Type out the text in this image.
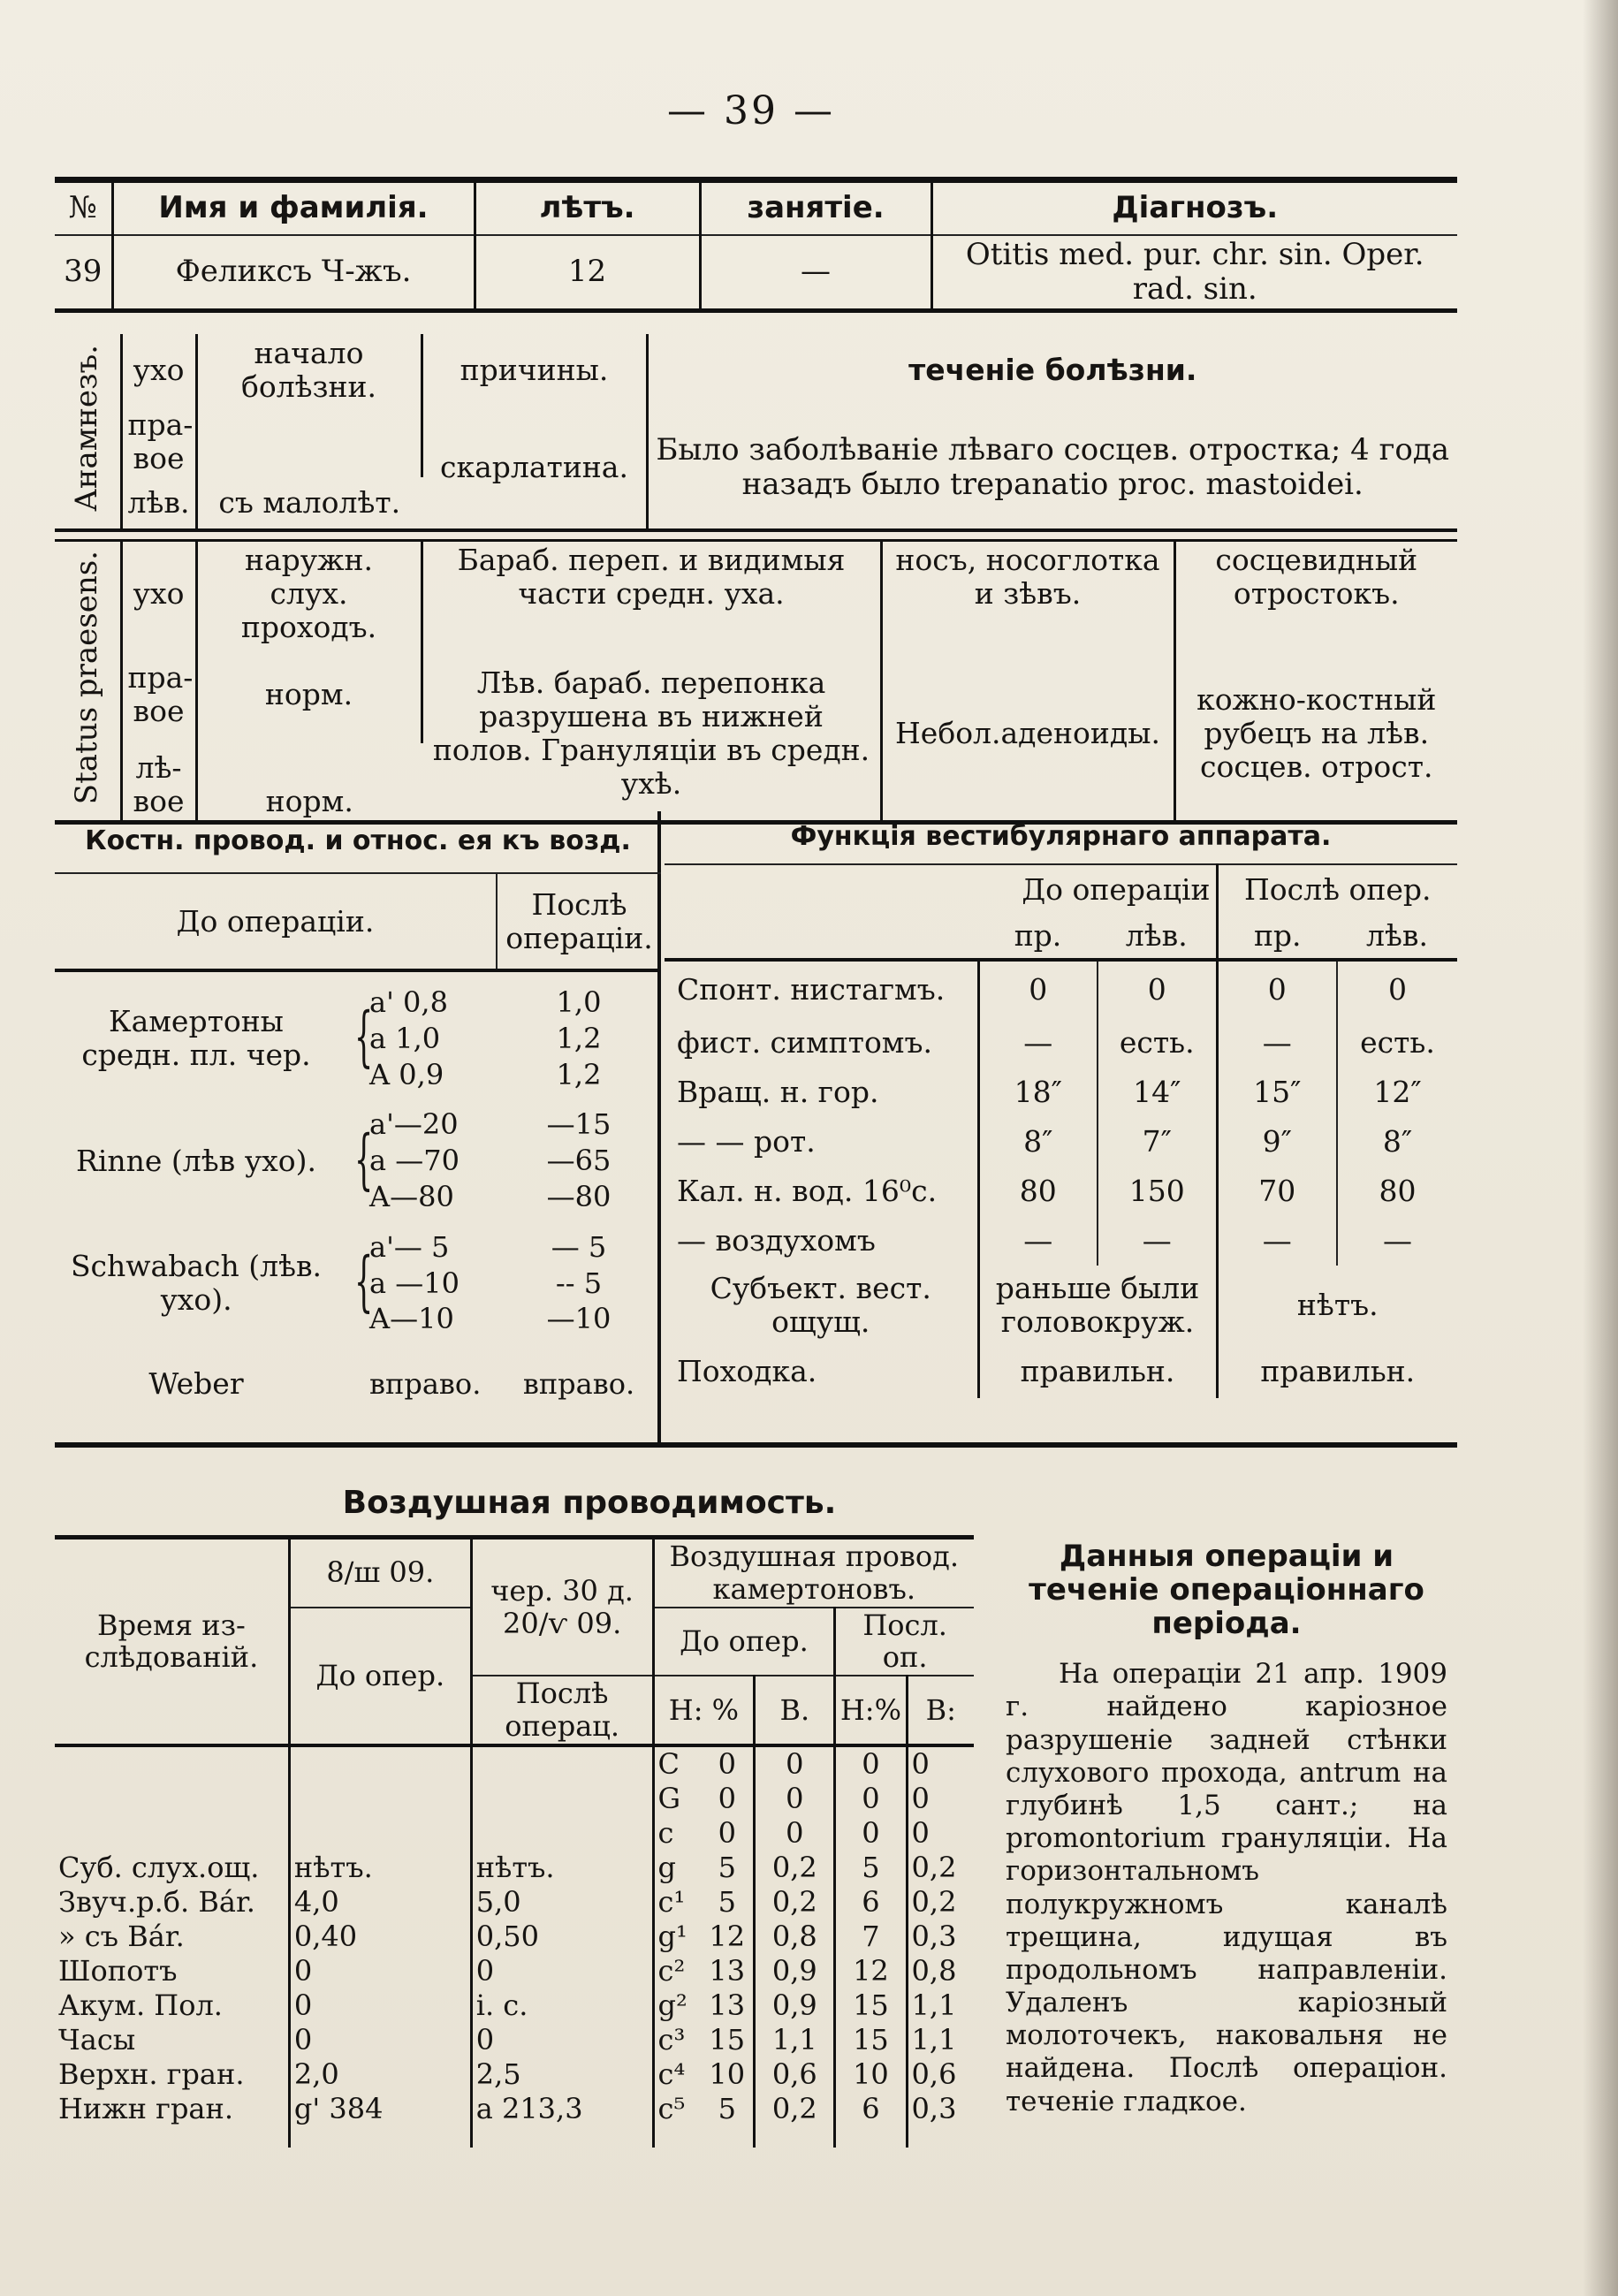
— 39 —
№	Имя и фамилія.	лѣтъ.	занятіе.	Діагнозъ.
39	Феликсъ Ч-жъ.	12	—	Otitis med. pur. chr. sin. Oper. rad. sin.
Анамнезъ.	ухо	начало болѣзни.	причины.	теченіе болѣзни.
	пра-вое		скарлатина.	Было заболѣваніе лѣваго сосцев. отростка; 4 года назадъ было trepanatio proc. mastoidei.
	лѣв.	съ малолѣт.		
Status praesens.	ухо	наружн. слух. проходъ.	Бараб. переп. и видимыя части средн. уха.	носъ, носоглотка и зѣвъ.	сосцевидный отростокъ.
	пра-вое	норм.	Лѣв. бараб. перепонка разрушена въ нижней полов. Грануляціи въ средн. ухѣ.	Небол.аденоиды.	кожно-костный рубецъ на лѣв. сосцев. отрост.
	лѣ-вое	норм.			
Костн. провод. и относ. ея къ возд.
До операціи.	Послѣ операціи.
Камертоны средн. пл. чер.	{	a' 0,8	1,0
		a 1,0	1,2
		A 0,9	1,2

Rinne (лѣв ухо).	{	a'—20	—15
		a —70	—65
		A—80	—80

Schwabach (лѣв. ухо).	{	a'— 5	— 5
		a —10	-- 5
		A—10	—10

Weber		вправо.	вправо.

Функція вестибулярнаго аппарата.				
	До операціи		Послѣ опер.	
	пр.	лѣв.	пр.	лѣв.
Спонт. нистагмъ.	0	0	0	0
фист. симптомъ.	—	есть.	—	есть.
Вращ. н. гор.	18″	14″	15″	12″
— — рот.	8″	7″	9″	8″
Кал. н. вод. 16⁰с.	80	150	70	80
— воздухомъ	—	—	—	—
Субъект. вест. ощущ.	раньше были головокруж.		нѣтъ.	
Походка.	правильн.		правильн.	
Воздушная проводимость.
Время из-слѣдованій.	8/ш 09.	чер. 30 д. 20/ѵ 09.	Воздушная провод. камертоновъ.				
	До опер.		До опер.			Посл. оп.	
		Послѣ операц.	Н: %		В.	Н:%	В:
			C	0	0	0	0
			G	0	0	0	0
			c	0	0	0	0
Суб. слух.ощ.	нѣтъ.	нѣтъ.	g	5	0,2	5	0,2
Звуч.р.б. Bár.	4,0	5,0	c¹	5	0,2	6	0,2
» съ Bár.	0,40	0,50	g¹	12	0,8	7	0,3
Шопотъ	0	0	c²	13	0,9	12	0,8
Акум. Пол.	0	і. с.	g²	13	0,9	15	1,1
Часы	0	0	c³	15	1,1	15	1,1
Верхн. гран.	2,0	2,5	c⁴	10	0,6	10	0,6
Нижн гран.	g' 384	a 213,3	c⁵	5	0,2	6	0,3

Данныя операціи и теченіе операціоннаго періода.
На операціи 21 апр. 1909 г. найдено каріозное разрушеніе задней стѣнки слухового прохода, antrum на глубинѣ 1,5 сант.; на promontorium грануляціи. На горизонтальномъ полукружномъ каналѣ трещина, идущая въ продольномъ направленіи. Удаленъ каріозный молоточекъ, наковальня не найдена. Послѣ операціон. теченіе гладкое.
